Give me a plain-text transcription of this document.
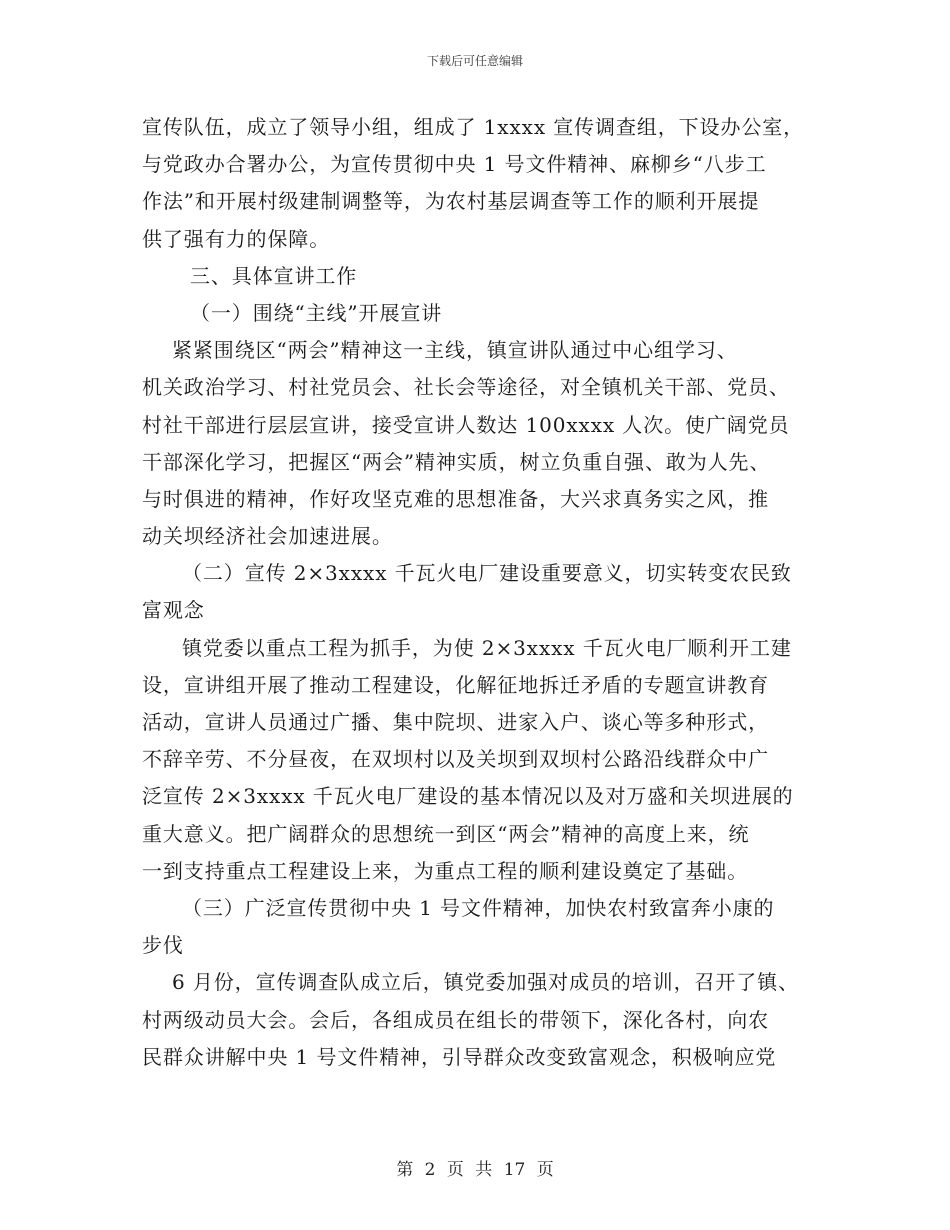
下载后可任意编辑
宣传队伍，成立了领导小组，组成了 1xxxx 宣传调查组，下设办公室，
与党政办合署办公，为宣传贯彻中央 1 号文件精神、麻柳乡“八步工
作法”和开展村级建制调整等，为农村基层调查等工作的顺利开展提
供了强有力的保障。
三、具体宣讲工作
（一）围绕“主线”开展宣讲
紧紧围绕区“两会”精神这一主线，镇宣讲队通过中心组学习、
机关政治学习、村社党员会、社长会等途径，对全镇机关干部、党员、
村社干部进行层层宣讲，接受宣讲人数达 100xxxx 人次。使广阔党员
干部深化学习，把握区“两会”精神实质，树立负重自强、敢为人先、
与时俱进的精神，作好攻坚克难的思想准备，大兴求真务实之风，推
动关坝经济社会加速进展。
（二）宣传 2×3xxxx 千瓦火电厂建设重要意义，切实转变农民致
富观念
镇党委以重点工程为抓手，为使 2×3xxxx 千瓦火电厂顺利开工建
设，宣讲组开展了推动工程建设，化解征地拆迁矛盾的专题宣讲教育
活动，宣讲人员通过广播、集中院坝、进家入户、谈心等多种形式，
不辞辛劳、不分昼夜，在双坝村以及关坝到双坝村公路沿线群众中广
泛宣传 2×3xxxx 千瓦火电厂建设的基本情况以及对万盛和关坝进展的
重大意义。把广阔群众的思想统一到区“两会”精神的高度上来，统
一到支持重点工程建设上来，为重点工程的顺利建设奠定了基础。
（三）广泛宣传贯彻中央 1 号文件精神，加快农村致富奔小康的
步伐
6 月份，宣传调查队成立后，镇党委加强对成员的培训，召开了镇、
村两级动员大会。会后，各组成员在组长的带领下，深化各村，向农
民群众讲解中央 1 号文件精神，引导群众改变致富观念，积极响应党
第 2 页 共 17 页
